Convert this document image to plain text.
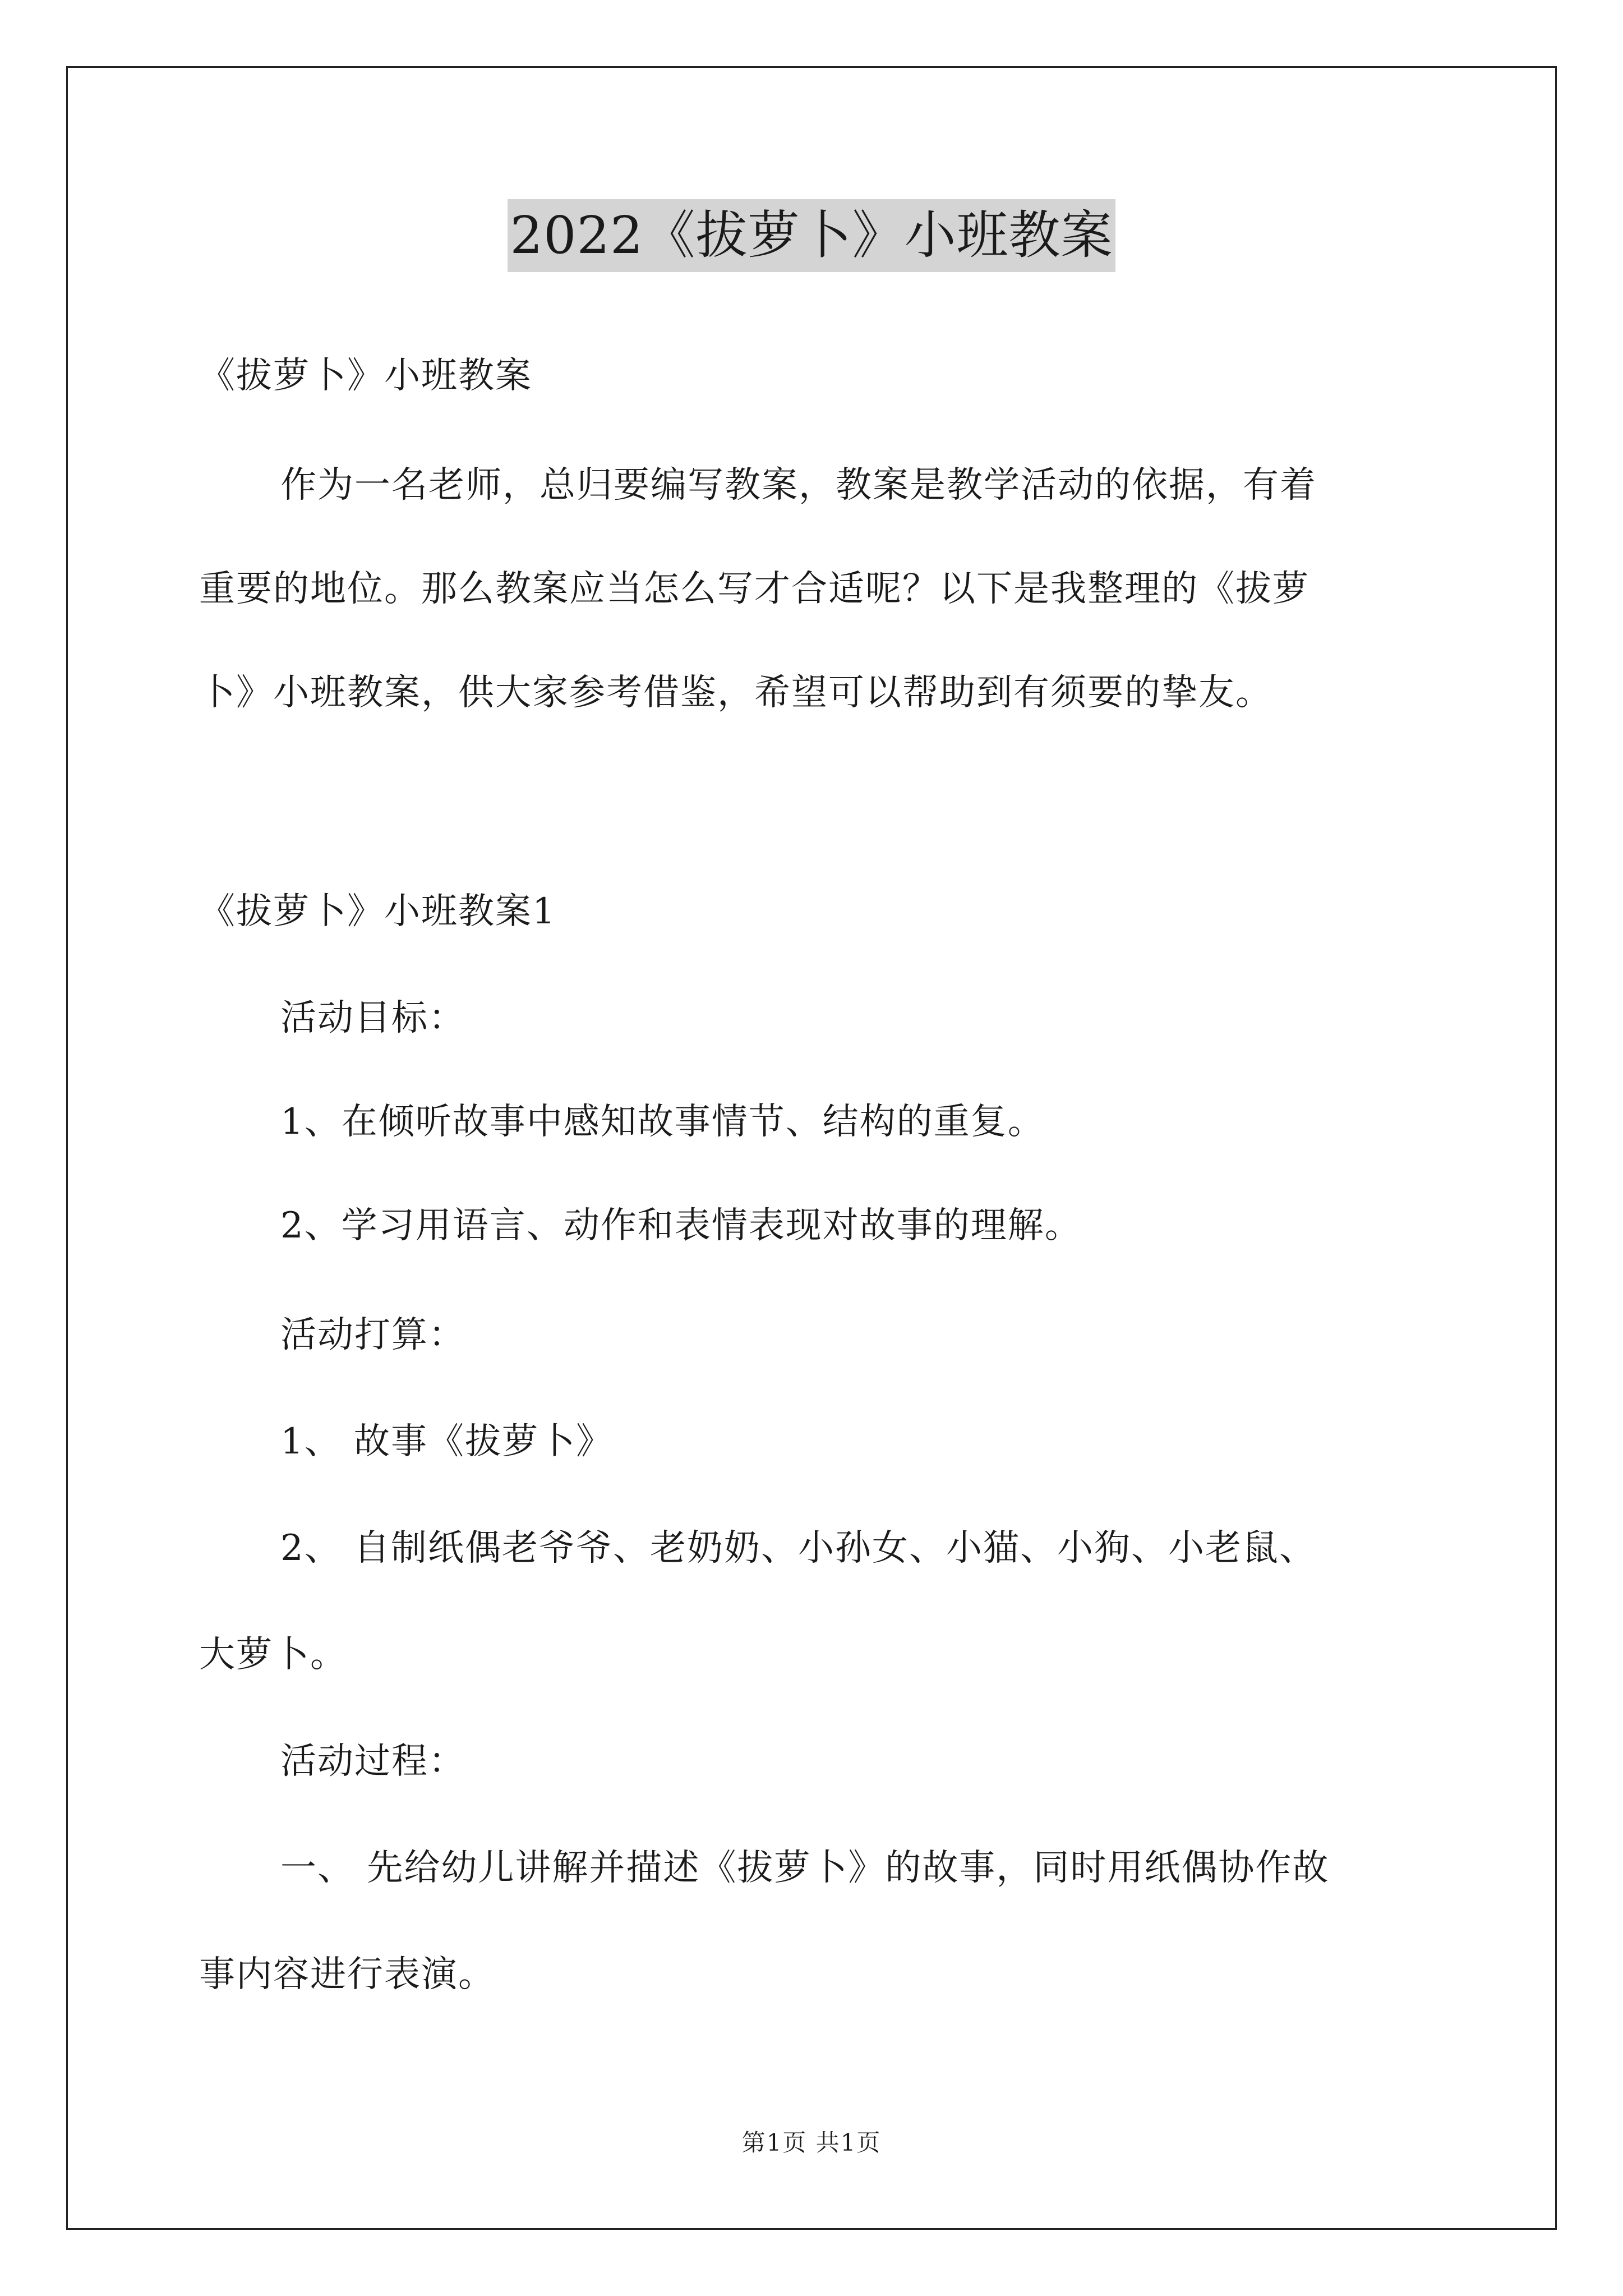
2022《拔萝卜》小班教案
《拔萝卜》小班教案
作为一名老师，总归要编写教案，教案是教学活动的依据，有着
重要的地位。那么教案应当怎么写才合适呢？以下是我整理的《拔萝
卜》小班教案，供大家参考借鉴，希望可以帮助到有须要的挚友。
《拔萝卜》小班教案1
活动目标：
1、在倾听故事中感知故事情节、结构的重复。
2、学习用语言、动作和表情表现对故事的理解。
活动打算：
1、 故事《拔萝卜》
2、 自制纸偶老爷爷、老奶奶、小孙女、小猫、小狗、小老鼠、
大萝卜。
活动过程：
一、 先给幼儿讲解并描述《拔萝卜》的故事，同时用纸偶协作故
事内容进行表演。
第1页 共1页
